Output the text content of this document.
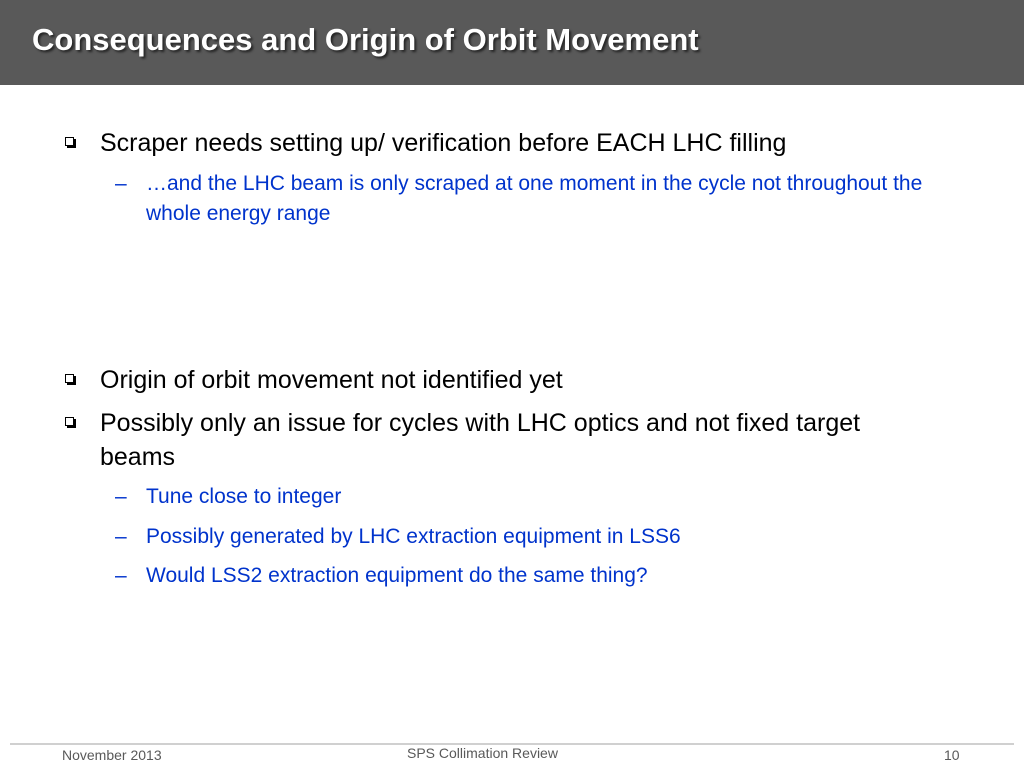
Consequences and Origin of Orbit Movement
Scraper needs setting up/ verification before EACH LHC filling
– …and the LHC beam is only scraped at one moment in the cycle not throughout the whole energy range
Origin of orbit movement not identified yet
Possibly only an issue for cycles with LHC optics and not fixed target beams
– Tune close to integer
– Possibly generated by LHC extraction equipment in LSS6
– Would LSS2 extraction equipment do the same thing?
November 2013	SPS Collimation Review	10
